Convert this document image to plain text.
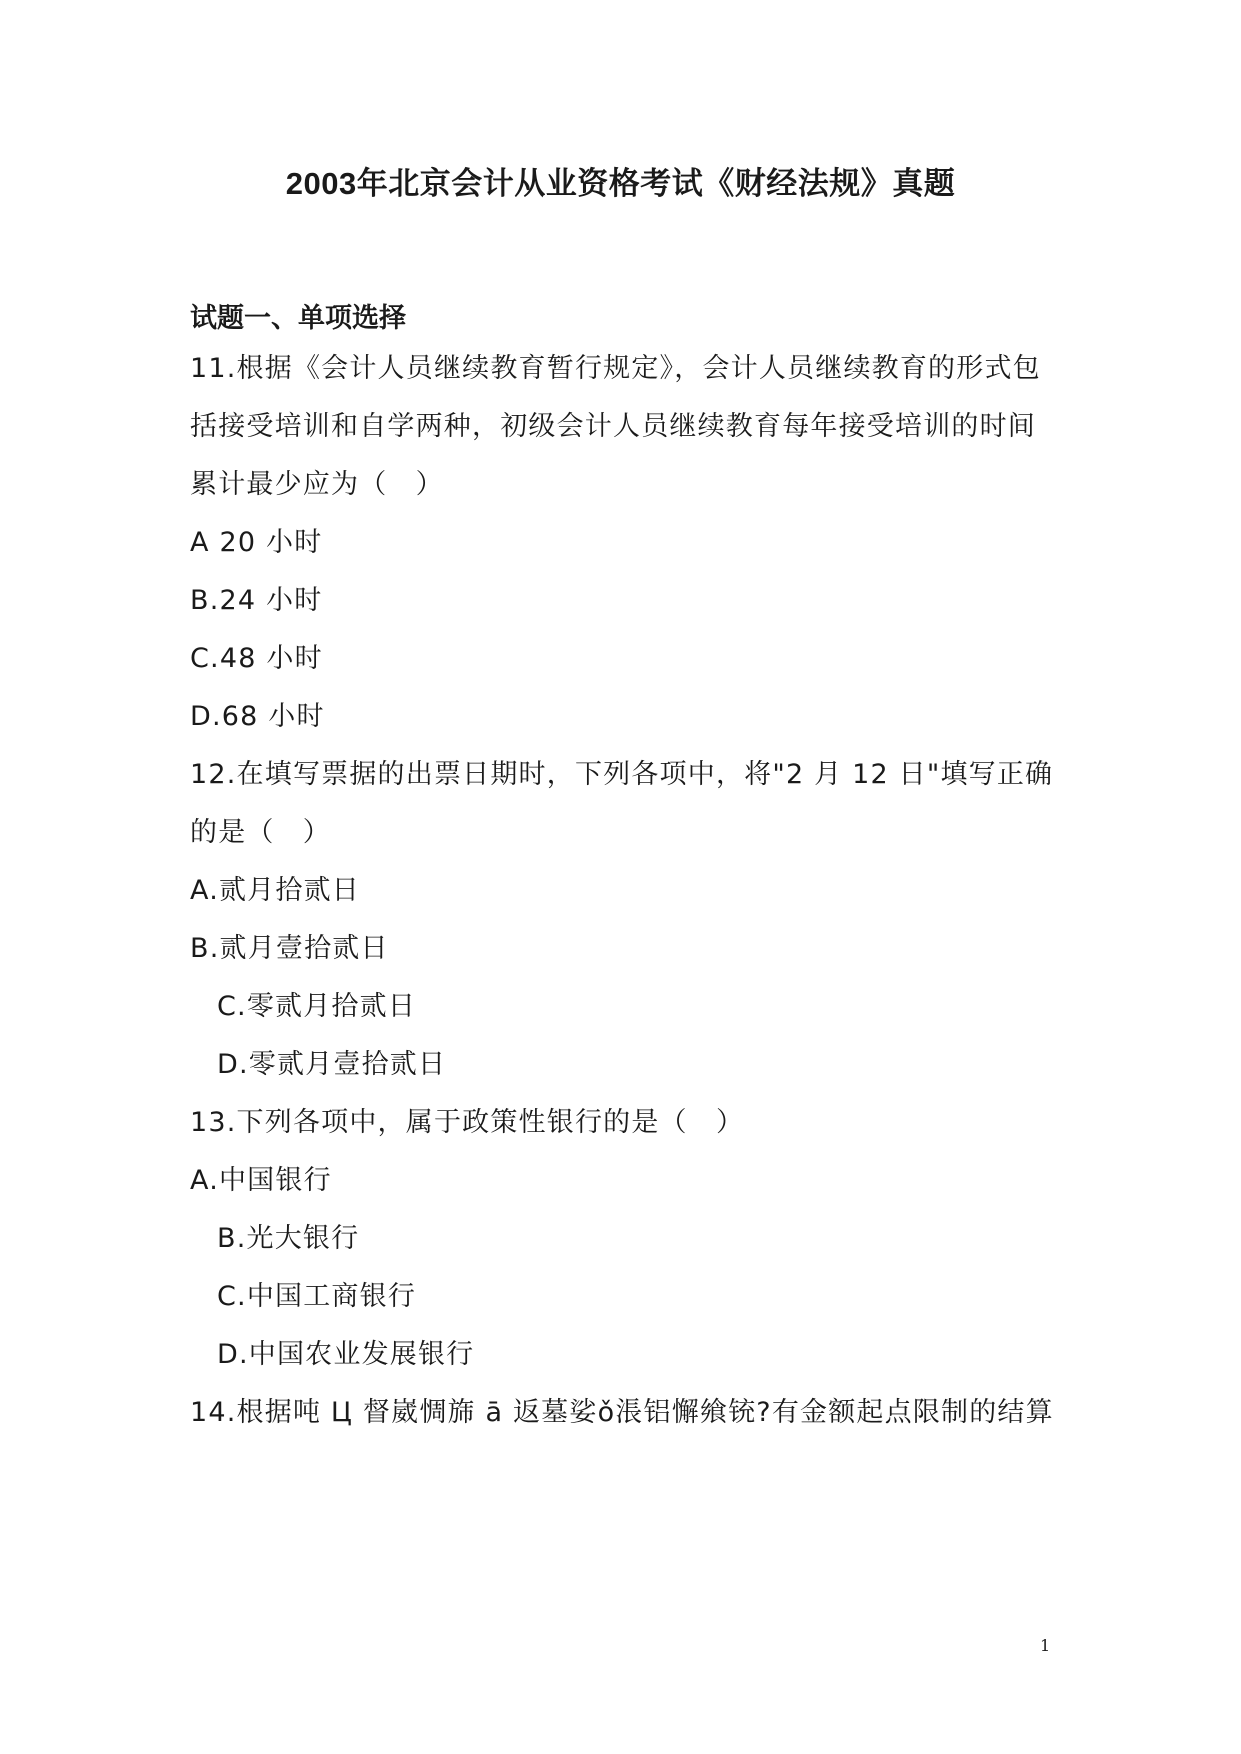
2003年北京会计从业资格考试《财经法规》真题
试题一、单项选择
11.根据《会计人员继续教育暂行规定》，会计人员继续教育的形式包
括接受培训和自学两种，初级会计人员继续教育每年接受培训的时间
累计最少应为（　）
A 20 小时
B.24 小时
C.48 小时
D.68 小时
12.在填写票据的出票日期时，下列各项中，将"2 月 12 日"填写正确
的是（　）
A.贰月拾贰日
B.贰月壹拾贰日
C.零贰月拾贰日
D.零贰月壹拾贰日
13.下列各项中，属于政策性银行的是（　）
A.中国银行
B.光大银行
C.中国工商银行
D.中国农业发展银行
14.根据吨 Ц 督崴惆旆 ā 返墓娑ǒ涱铝懈飨铳?有金额起点限制的结算
1
